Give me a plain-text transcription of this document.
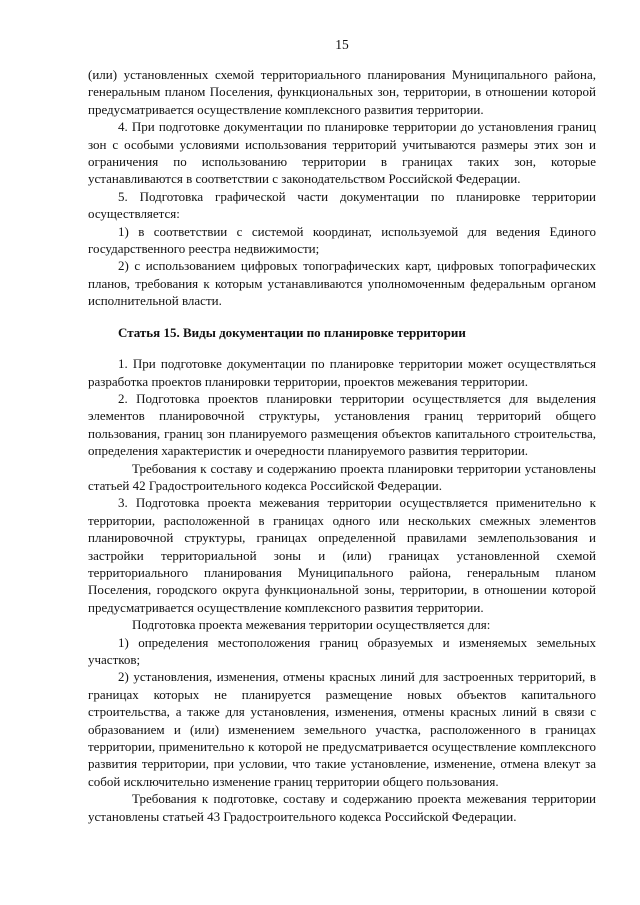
15

(или) установленных схемой территориального планирования Муниципального района, генеральным планом Поселения, функциональных зон, территории, в отношении которой предусматривается осуществление комплексного развития территории.

4. При подготовке документации по планировке территории до установления границ зон с особыми условиями использования территорий учитываются размеры этих зон и ограничения по использованию территории в границах таких зон, которые устанавливаются в соответствии с законодательством Российской Федерации.

5. Подготовка графической части документации по планировке территории осуществляется:

1) в соответствии с системой координат, используемой для ведения Единого государственного реестра недвижимости;

2) с использованием цифровых топографических карт, цифровых топографических планов, требования к которым устанавливаются уполномоченным федеральным органом исполнительной власти.

Статья 15. Виды документации по планировке территории

1. При подготовке документации по планировке территории может осуществляться разработка проектов планировки территории, проектов межевания территории.

2. Подготовка проектов планировки территории осуществляется для выделения элементов планировочной структуры, установления границ территорий общего пользования, границ зон планируемого размещения объектов капитального строительства, определения характеристик и очередности планируемого развития территории.

Требования к составу и содержанию проекта планировки территории установлены статьей 42 Градостроительного кодекса Российской Федерации.

3. Подготовка проекта межевания территории осуществляется применительно к территории, расположенной в границах одного или нескольких смежных элементов планировочной структуры, границах определенной правилами землепользования и застройки территориальной зоны и (или) границах установленной схемой территориального планирования Муниципального района, генеральным планом Поселения, городского округа функциональной зоны, территории, в отношении которой предусматривается осуществление комплексного развития территории.

Подготовка проекта межевания территории осуществляется для:

1) определения местоположения границ образуемых и изменяемых земельных участков;

2) установления, изменения, отмены красных линий для застроенных территорий, в границах которых не планируется размещение новых объектов капитального строительства, а также для установления, изменения, отмены красных линий в связи с образованием и (или) изменением земельного участка, расположенного в границах территории, применительно к которой не предусматривается осуществление комплексного развития территории, при условии, что такие установление, изменение, отмена влекут за собой исключительно изменение границ территории общего пользования.

Требования к подготовке, составу и содержанию проекта межевания территории установлены статьей 43 Градостроительного кодекса Российской Федерации.
